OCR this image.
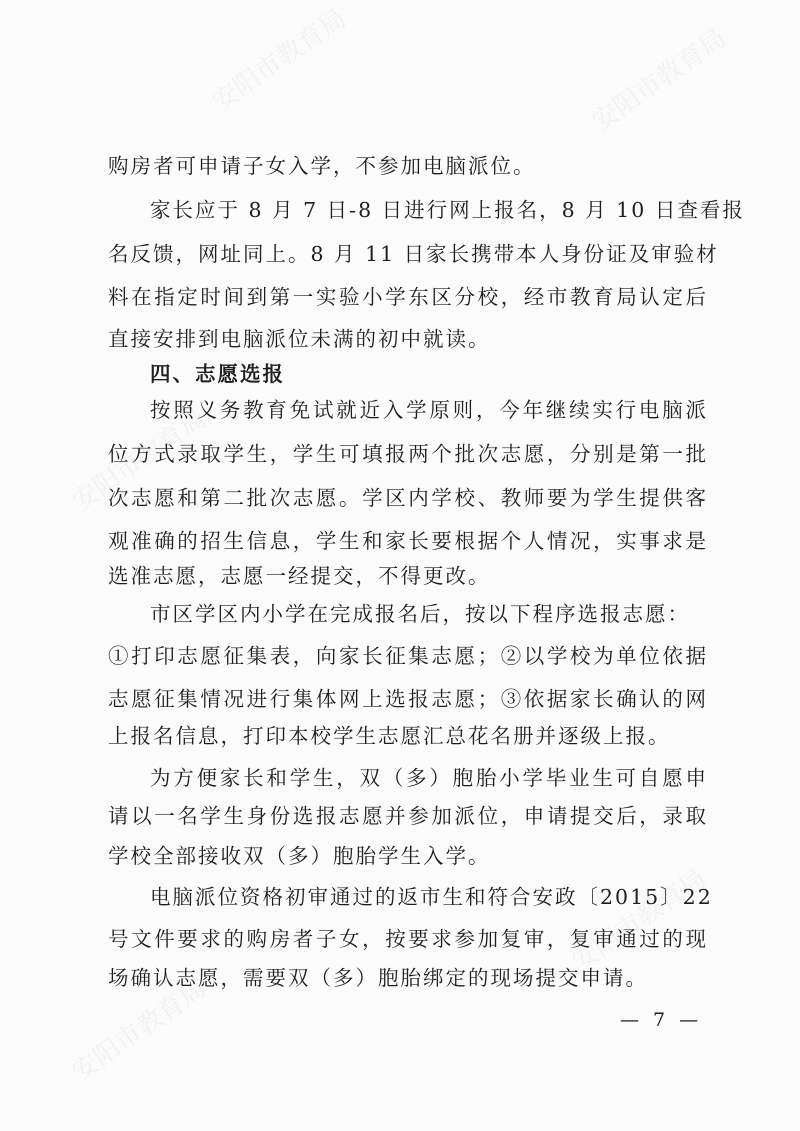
安阳市教育局	安阳市教育局
安阳市教育局
安阳市教育局
安阳市教育局
购房者可申请子女入学，不参加电脑派位。
家长应于 8 月 7 日-8 日进行网上报名，8 月 10 日查看报
名反馈，网址同上。8 月 11 日家长携带本人身份证及审验材
料在指定时间到第一实验小学东区分校，经市教育局认定后
直接安排到电脑派位未满的初中就读。
四、志愿选报
按照义务教育免试就近入学原则，今年继续实行电脑派
位方式录取学生，学生可填报两个批次志愿，分别是第一批
次志愿和第二批次志愿。学区内学校、教师要为学生提供客
观准确的招生信息，学生和家长要根据个人情况，实事求是
选准志愿，志愿一经提交，不得更改。
市区学区内小学在完成报名后，按以下程序选报志愿：
①打印志愿征集表，向家长征集志愿；②以学校为单位依据
志愿征集情况进行集体网上选报志愿；③依据家长确认的网
上报名信息，打印本校学生志愿汇总花名册并逐级上报。
为方便家长和学生，双（多）胞胎小学毕业生可自愿申
请以一名学生身份选报志愿并参加派位，申请提交后，录取
学校全部接收双（多）胞胎学生入学。
电脑派位资格初审通过的返市生和符合安政〔2015〕22
号文件要求的购房者子女，按要求参加复审，复审通过的现
场确认志愿，需要双（多）胞胎绑定的现场提交申请。
— 7 —
